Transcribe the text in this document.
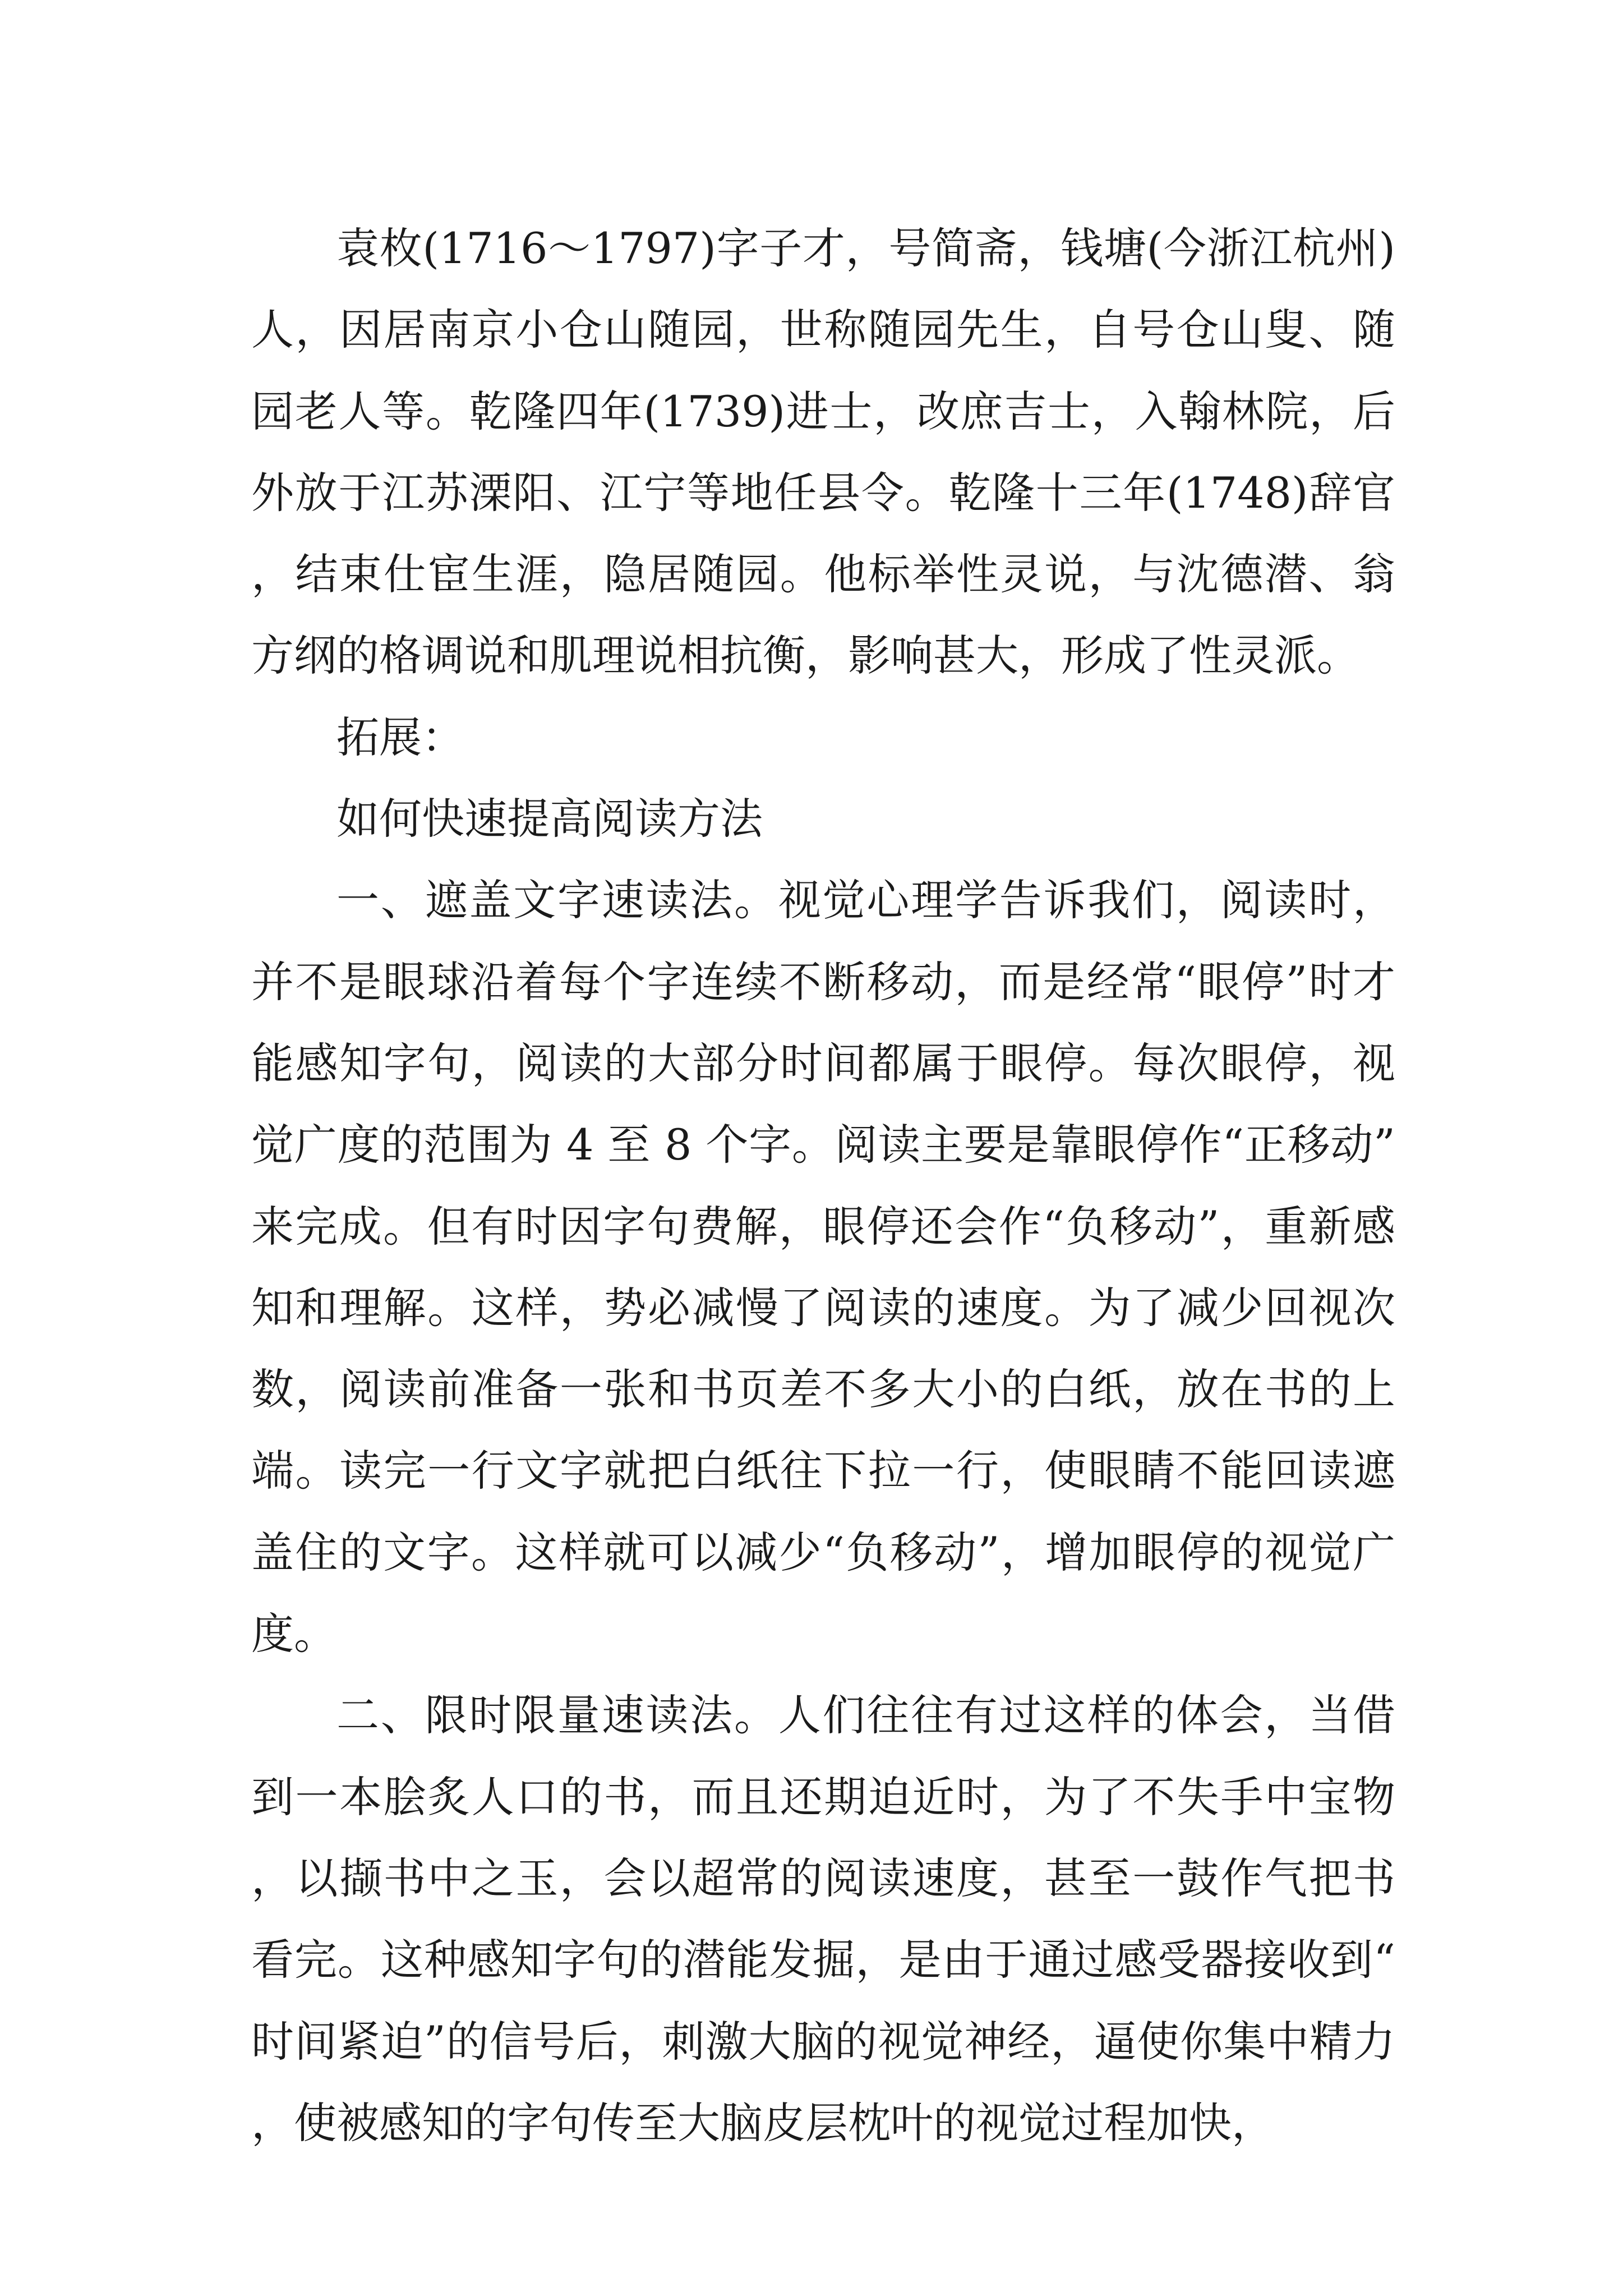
袁枚(1716～1797)字子才，号简斋，钱塘(今浙江杭州)人，因居南京小仓山随园，世称随园先生，自号仓山叟、随园老人等。乾隆四年(1739)进士，改庶吉士，入翰林院，后外放于江苏溧阳、江宁等地任县令。乾隆十三年(1748)辞官，结束仕宦生涯，隐居随园。他标举性灵说，与沈德潜、翁方纲的格调说和肌理说相抗衡，影响甚大，形成了性灵派。

拓展：

如何快速提高阅读方法

一、遮盖文字速读法。视觉心理学告诉我们，阅读时，并不是眼球沿着每个字连续不断移动，而是经常“眼停”时才能感知字句，阅读的大部分时间都属于眼停。每次眼停，视觉广度的范围为 4 至 8 个字。阅读主要是靠眼停作“正移动”来完成。但有时因字句费解，眼停还会作“负移动”，重新感知和理解。这样，势必减慢了阅读的速度。为了减少回视次数，阅读前准备一张和书页差不多大小的白纸，放在书的上端。读完一行文字就把白纸往下拉一行，使眼睛不能回读遮盖住的文字。这样就可以减少“负移动”，增加眼停的视觉广度。

二、限时限量速读法。人们往往有过这样的体会，当借到一本脍炙人口的书，而且还期迫近时，为了不失手中宝物，以撷书中之玉，会以超常的阅读速度，甚至一鼓作气把书看完。这种感知字句的潜能发掘，是由于通过感受器接收到“时间紧迫”的信号后，刺激大脑的视觉神经，逼使你集中精力，使被感知的字句传至大脑皮层枕叶的视觉过程加快，
